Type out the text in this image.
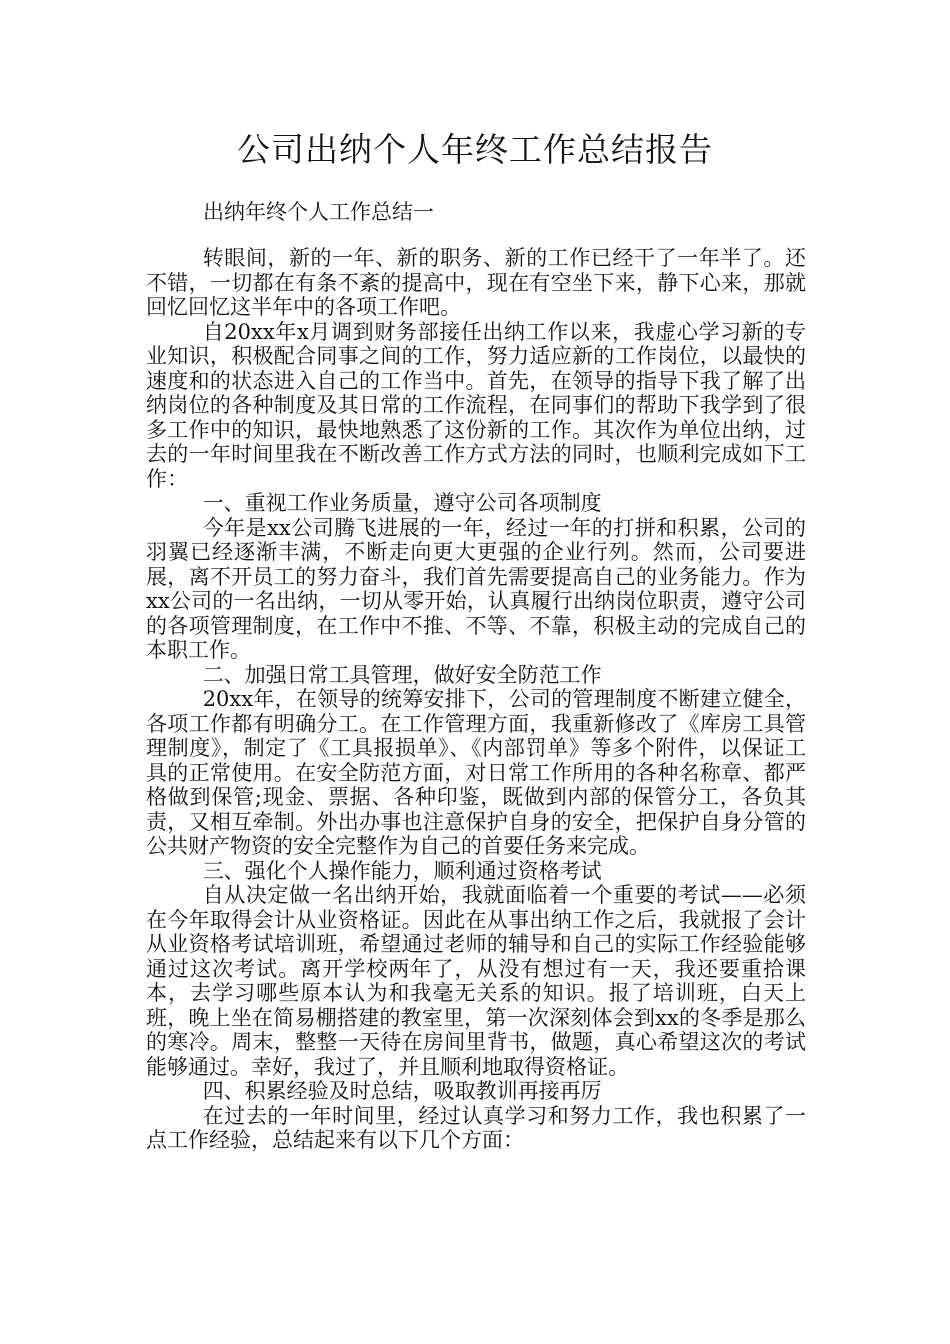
公司出纳个人年终工作总结报告

出纳年终个人工作总结一

转眼间，新的一年、新的职务、新的工作已经干了一年半了。还不错，一切都在有条不紊的提高中，现在有空坐下来，静下心来，那就回忆回忆这半年中的各项工作吧。

自20xx年x月调到财务部接任出纳工作以来，我虚心学习新的专业知识，积极配合同事之间的工作，努力适应新的工作岗位，以最快的速度和的状态进入自己的工作当中。首先，在领导的指导下我了解了出纳岗位的各种制度及其日常的工作流程，在同事们的帮助下我学到了很多工作中的知识，最快地熟悉了这份新的工作。其次作为单位出纳，过去的一年时间里我在不断改善工作方式方法的同时，也顺利完成如下工作：

一、重视工作业务质量，遵守公司各项制度

今年是xx公司腾飞进展的一年，经过一年的打拼和积累，公司的羽翼已经逐渐丰满，不断走向更大更强的企业行列。然而，公司要进展，离不开员工的努力奋斗，我们首先需要提高自己的业务能力。作为xx公司的一名出纳，一切从零开始，认真履行出纳岗位职责，遵守公司的各项管理制度，在工作中不推、不等、不靠，积极主动的完成自己的本职工作。

二、加强日常工具管理，做好安全防范工作

20xx年，在领导的统筹安排下，公司的管理制度不断建立健全，各项工作都有明确分工。在工作管理方面，我重新修改了《库房工具管理制度》，制定了《工具报损单》、《内部罚单》等多个附件，以保证工具的正常使用。在安全防范方面，对日常工作所用的各种名称章、都严格做到保管;现金、票据、各种印鉴，既做到内部的保管分工，各负其责，又相互牵制。外出办事也注意保护自身的安全，把保护自身分管的公共财产物资的安全完整作为自己的首要任务来完成。

三、强化个人操作能力，顺利通过资格考试

自从决定做一名出纳开始，我就面临着一个重要的考试——必须在今年取得会计从业资格证。因此在从事出纳工作之后，我就报了会计从业资格考试培训班，希望通过老师的辅导和自己的实际工作经验能够通过这次考试。离开学校两年了，从没有想过有一天，我还要重拾课本，去学习哪些原本认为和我毫无关系的知识。报了培训班，白天上班，晚上坐在简易棚搭建的教室里，第一次深刻体会到xx的冬季是那么的寒冷。周末，整整一天待在房间里背书，做题，真心希望这次的考试能够通过。幸好，我过了，并且顺利地取得资格证。

四、积累经验及时总结，吸取教训再接再厉

在过去的一年时间里，经过认真学习和努力工作，我也积累了一点工作经验，总结起来有以下几个方面：
